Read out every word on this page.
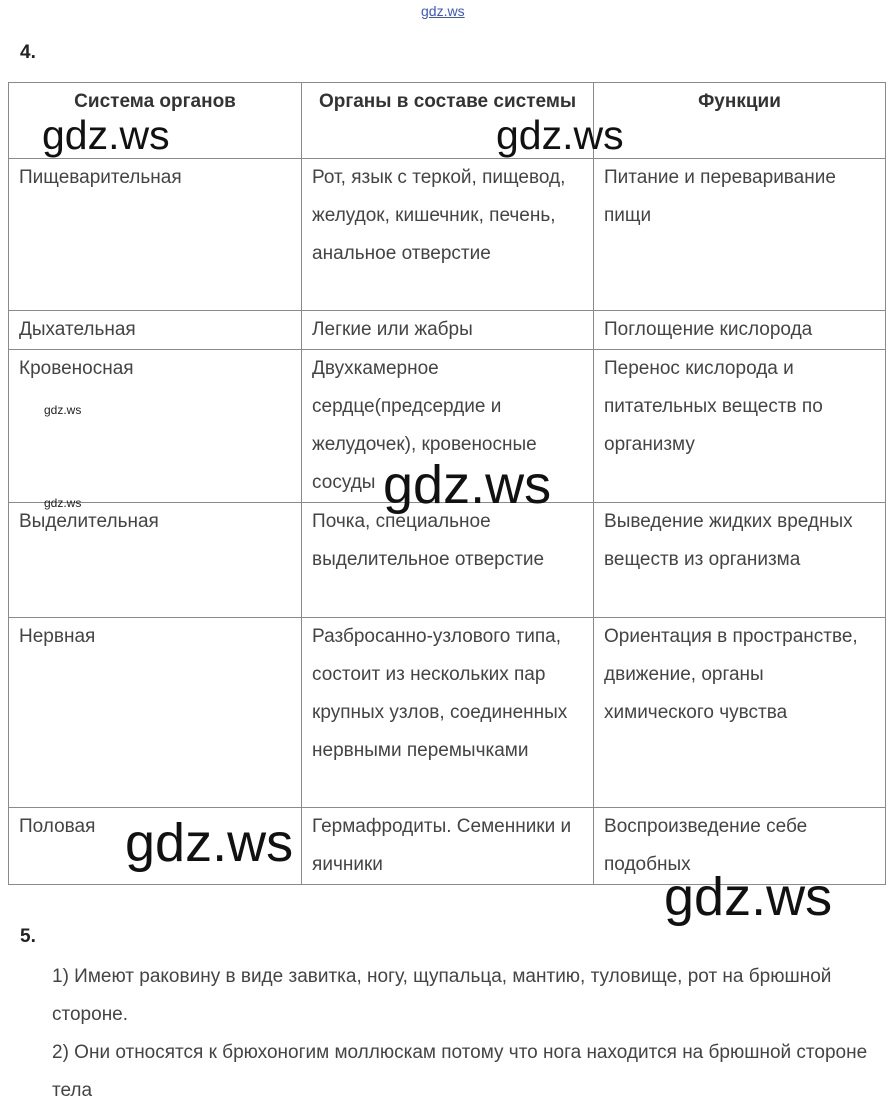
gdz.ws
4.
Система органов	Органы в составе системы	Функции
Пищеварительная	Рот, язык с теркой, пищевод, желудок, кишечник, печень, анальное отверстие	Питание и переваривание пищи
Дыхательная	Легкие или жабры	Поглощение кислорода
Кровеносная	Двухкамерное сердце(предсердие и желудочек), кровеносные сосуды	Перенос кислорода и питательных веществ по организму
Выделительная	Почка, специальное выделительное отверстие	Выведение жидких вредных веществ из организма
Нервная	Разбросанно-узлового типа, состоит из нескольких пар крупных узлов, соединенных нервными перемычками	Ориентация в пространстве, движение, органы химического чувства
Половая	Гермафродиты. Семенники и яичники	Воспроизведение себе подобных
5.
1) Имеют раковину в виде завитка, ногу, щупальца, мантию, туловище, рот на брюшной стороне.
2) Они относятся к брюхоногим моллюскам потому что нога находится на брюшной стороне тела
gdz.ws	gdz.ws
gdz.ws
gdz.ws
gdz.ws
gdz.ws
gdz.ws
